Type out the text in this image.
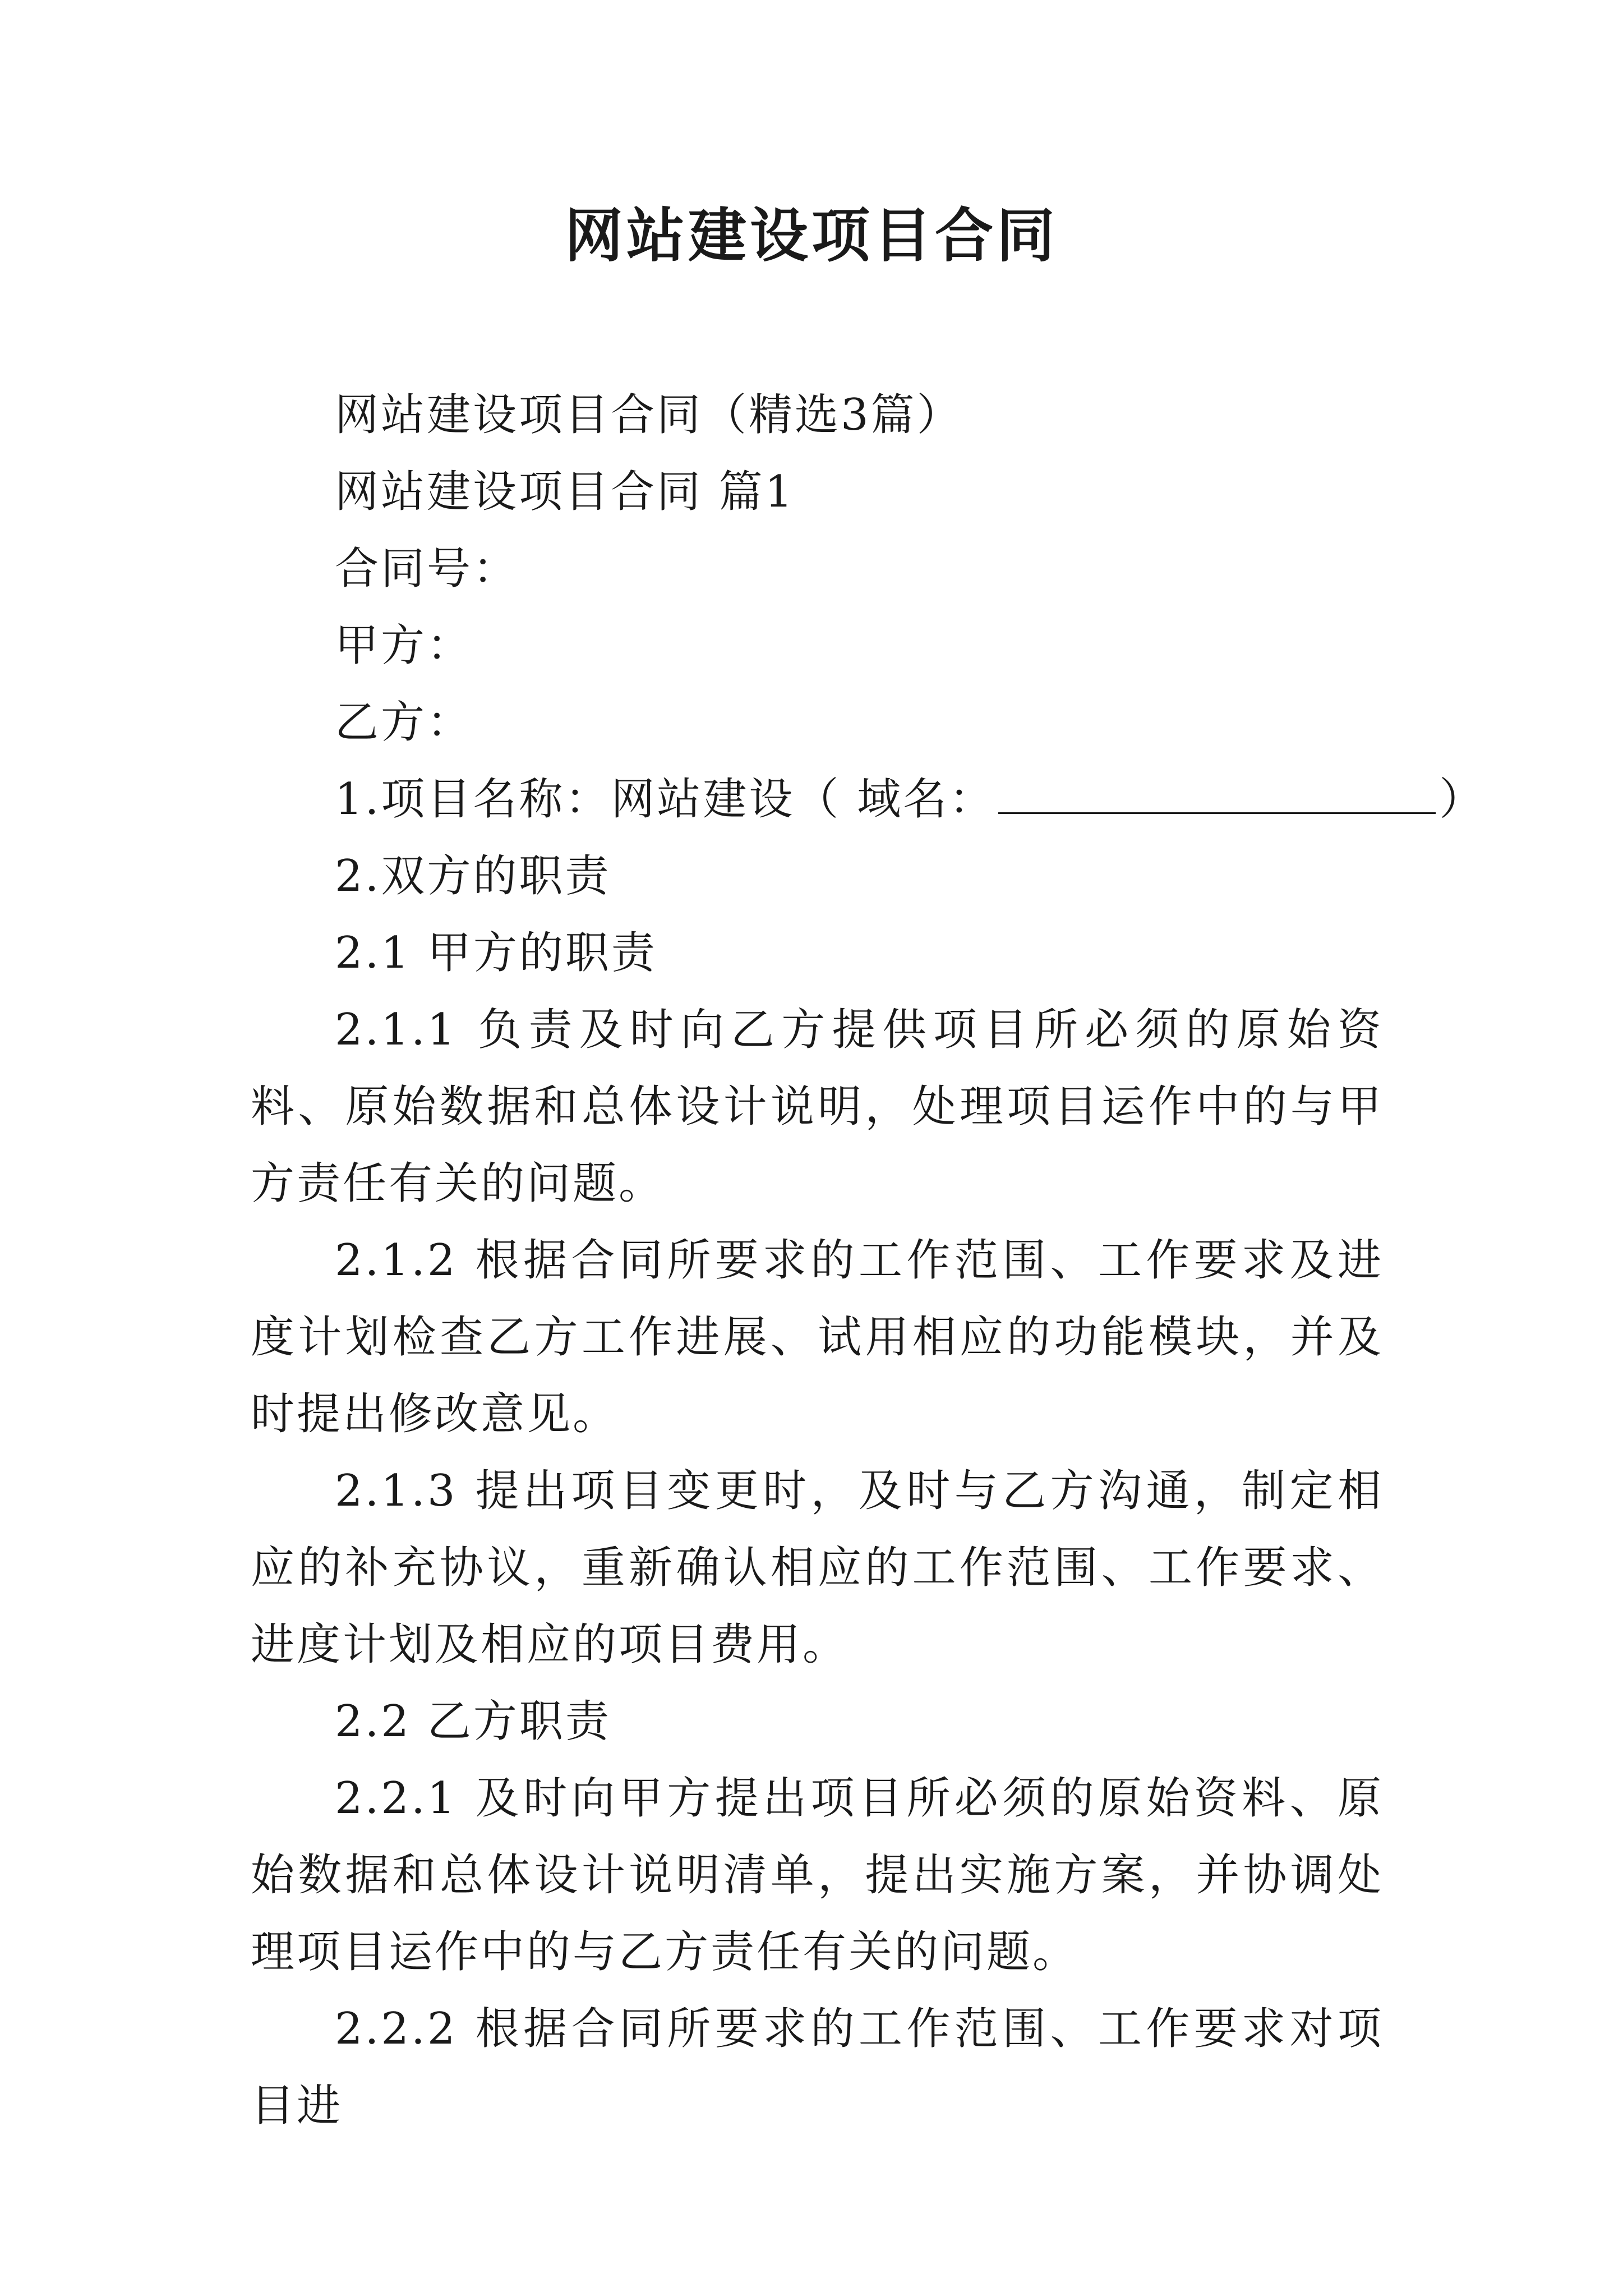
网站建设项目合同

网站建设项目合同（精选3篇）

网站建设项目合同 篇1

合同号：

甲方：

乙方：

1.项目名称：网站建设（ 域名：	）

2.双方的职责

2.1 甲方的职责

2.1.1 负责及时向乙方提供项目所必须的原始资料、原始数据和总体设计说明，处理项目运作中的与甲方责任有关的问题。

2.1.2 根据合同所要求的工作范围、工作要求及进度计划检查乙方工作进展、试用相应的功能模块，并及时提出修改意见。

2.1.3 提出项目变更时，及时与乙方沟通，制定相应的补充协议，重新确认相应的工作范围、工作要求、进度计划及相应的项目费用。

2.2 乙方职责

2.2.1 及时向甲方提出项目所必须的原始资料、原始数据和总体设计说明清单，提出实施方案，并协调处理项目运作中的与乙方责任有关的问题。

2.2.2 根据合同所要求的工作范围、工作要求对项目进
